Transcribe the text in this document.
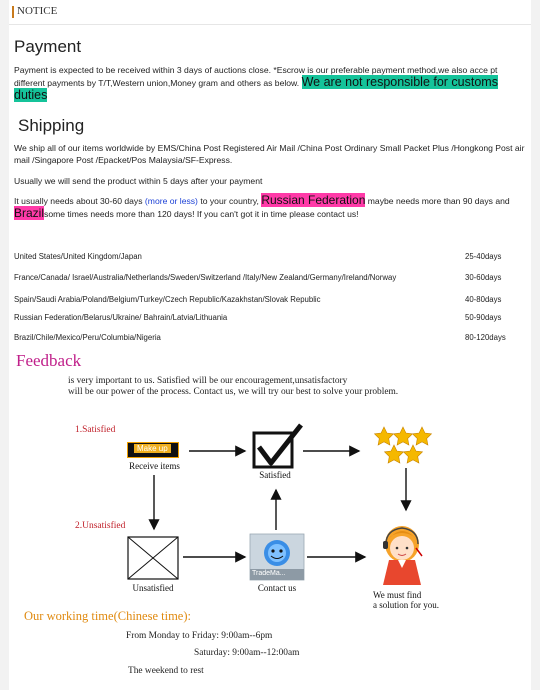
NOTICE
Payment
Payment is expected to be received within 3 days of auctions close. *Escrow is our preferable payment method,we also acce pt different payments by T/T,Western union,Money gram and others as below. We are not responsible for customs duties
Shipping

We ship all of our items worldwide by EMS/China Post Registered Air Mail /China Post Ordinary Small Packet Plus /Hongkong Post air mail /Singapore Post /Epacket/Pos Malaysia/SF-Express.

Usually we will send the product within 5 days after your payment

It usually needs about 30-60 days (more or less) to your country, Russian Federation maybe needs more than 90 days and Brazilsome times needs more than 120 days! If you can't got it in time please contact us!

United States/United Kingdom/Japan	25-40days
France/Canada/ Israel/Australia/Netherlands/Sweden/Switzerland /Italy/New Zealand/Germany/Ireland/Norway	30-60days
Spain/Saudi Arabia/Poland/Belgium/Turkey/Czech Republic/Kazakhstan/Slovak Republic	40-80days
Russian Federation/Belarus/Ukraine/ Bahrain/Latvia/Lithuania	50-90days
Brazil/Chile/Mexico/Peru/Columbia/Nigeria	80-120days
Feedback
is very important to us. Satisfied will be our encouragement,unsatisfactory
will be our power of the process. Contact us, we will try our best to solve your problem.
1.Satisfied
2.Unsatisfied
Make up
Receive items
Satisfied
Unsatisfied
TradeMa...
Contact us
We must find
a solution for you.
Our working time(Chinese time):
From Monday to Friday: 9:00am--6pm
Saturday: 9:00am--12:00am
The weekend to rest
